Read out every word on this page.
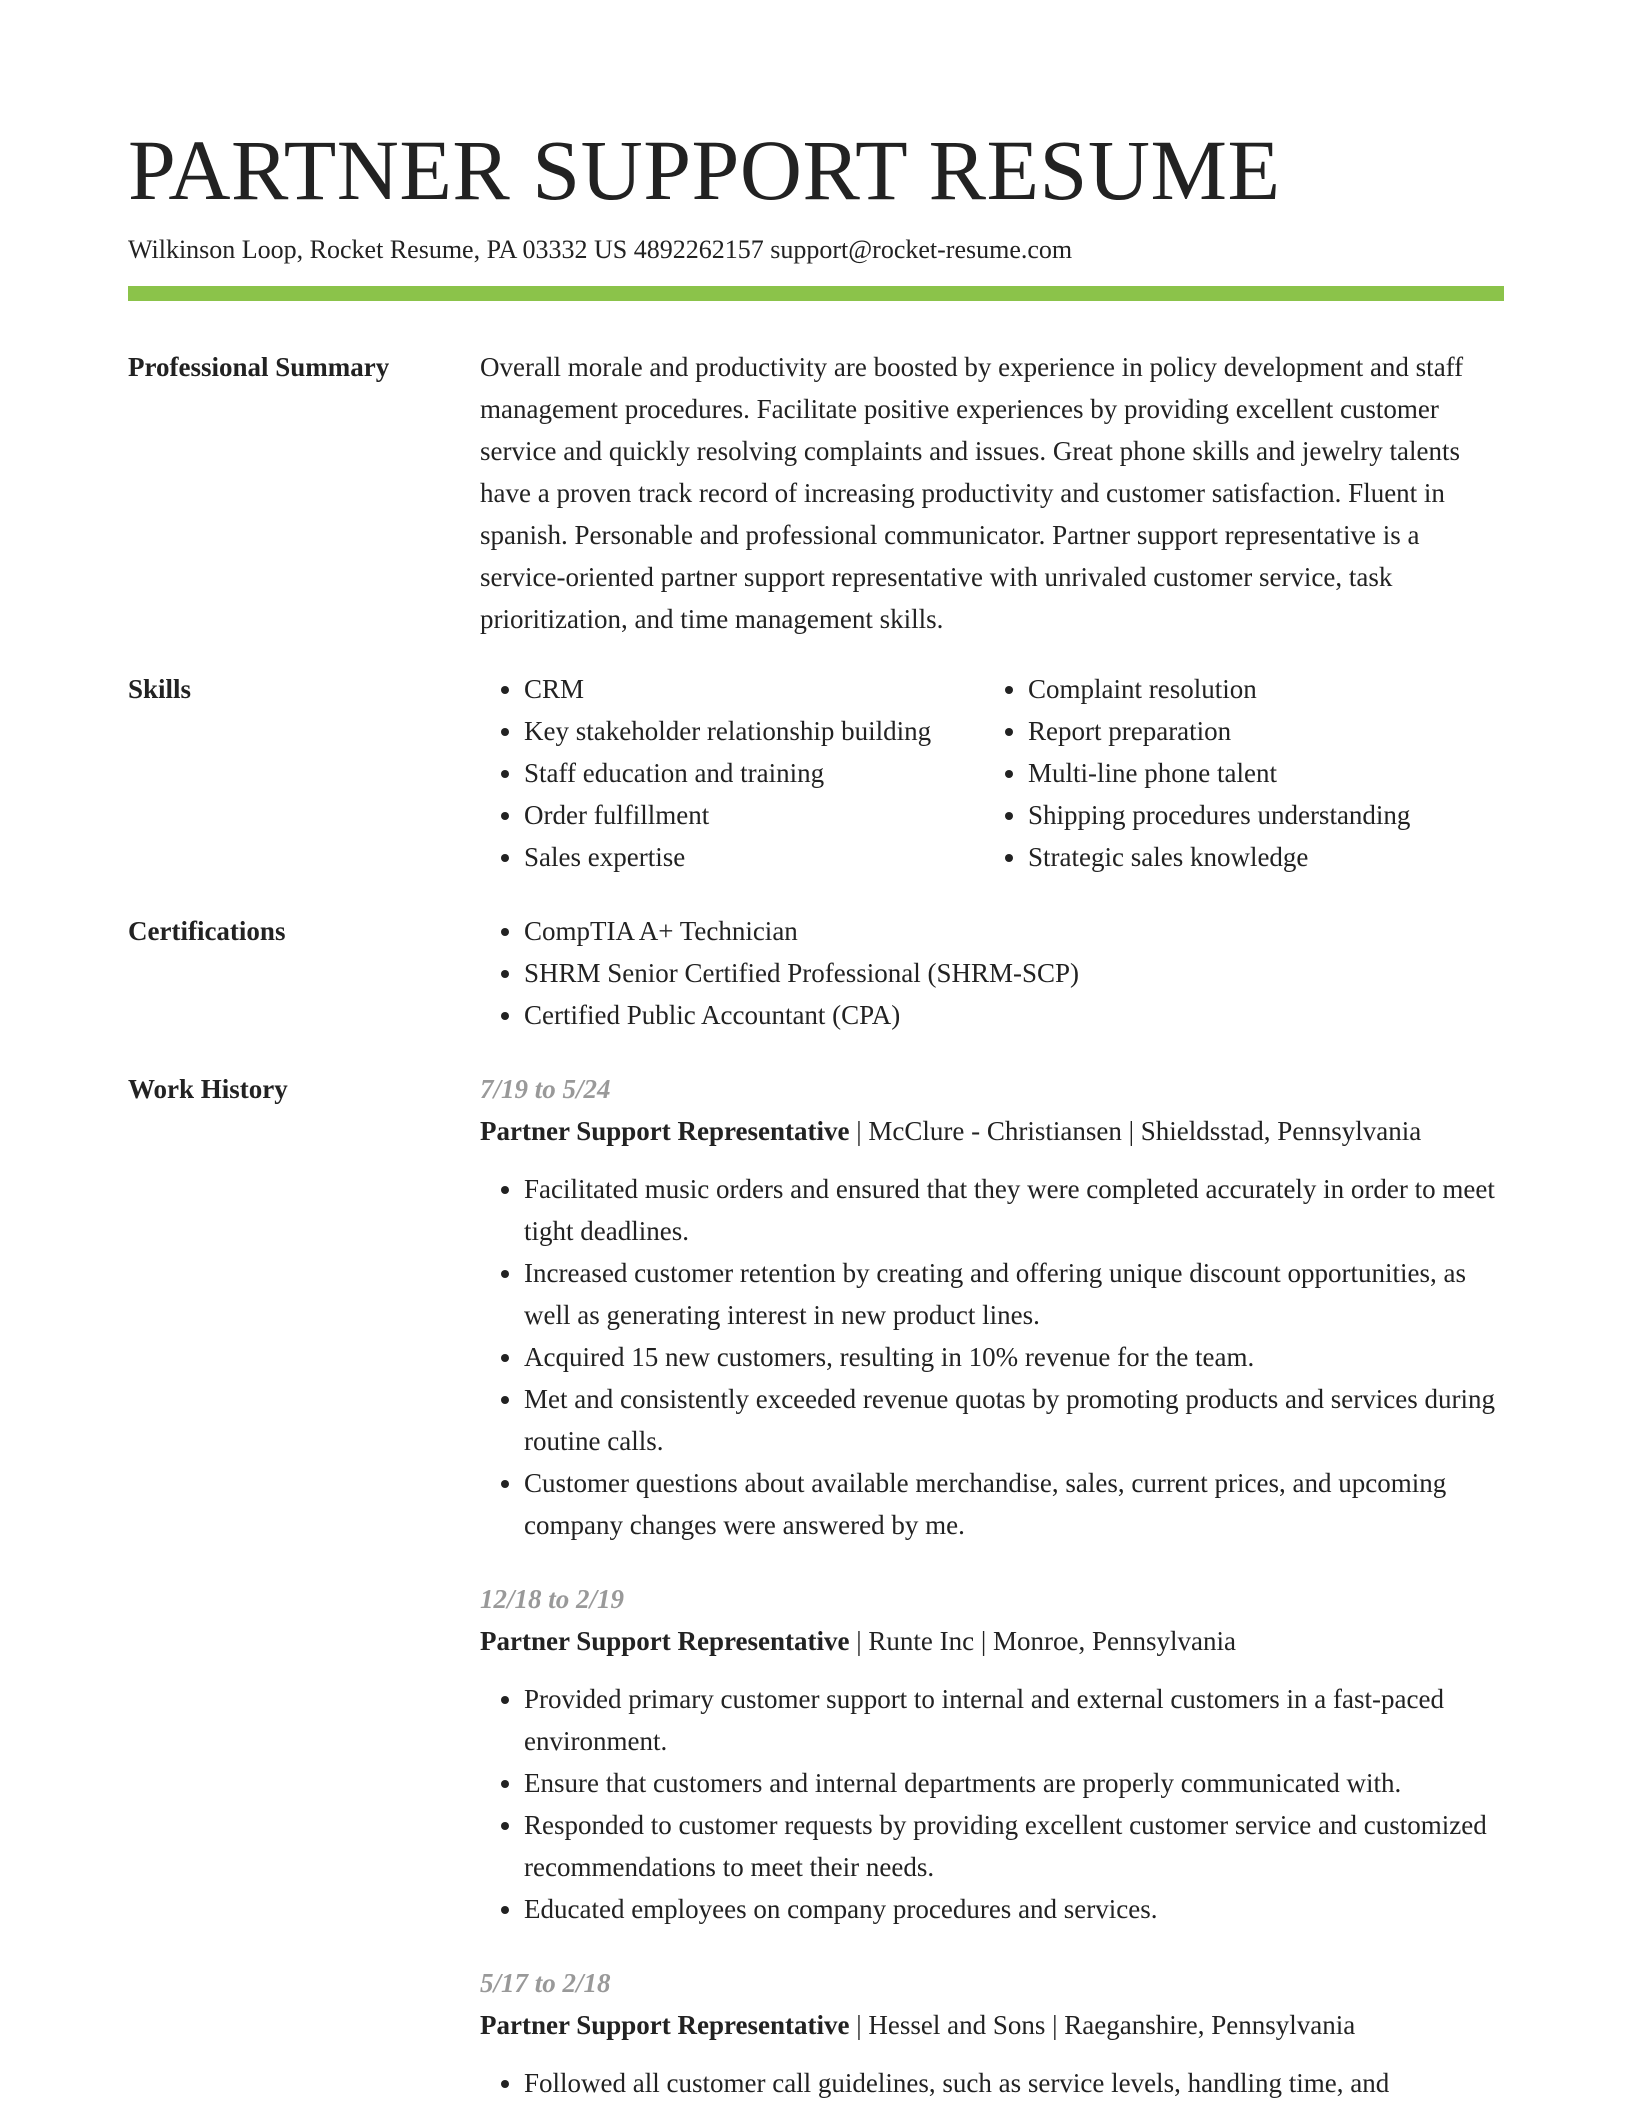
PARTNER SUPPORT RESUME
Wilkinson Loop, Rocket Resume, PA 03332 US 4892262157 support@rocket-resume.com
Professional Summary	Overall morale and productivity are boosted by experience in policy development and staff management procedures. Facilitate positive experiences by providing excellent customer service and quickly resolving complaints and issues. Great phone skills and jewelry talents have a proven track record of increasing productivity and customer satisfaction. Fluent in spanish. Personable and professional communicator. Partner support representative is a service-oriented partner support representative with unrivaled customer service, task prioritization, and time management skills.

Skills	• CRM
• Key stakeholder relationship building
• Staff education and training
• Order fulfillment
• Sales expertise
• Complaint resolution
• Report preparation
• Multi-line phone talent
• Shipping procedures understanding
• Strategic sales knowledge
Certifications	• CompTIA A+ Technician
• SHRM Senior Certified Professional (SHRM-SCP)
• Certified Public Accountant (CPA)
Work History	7/19 to 5/24
Partner Support Representative | McClure - Christiansen | Shieldsstad, Pennsylvania
• Facilitated music orders and ensured that they were completed accurately in order to meet tight deadlines.
• Increased customer retention by creating and offering unique discount opportunities, as well as generating interest in new product lines.
• Acquired 15 new customers, resulting in 10% revenue for the team.
• Met and consistently exceeded revenue quotas by promoting products and services during routine calls.
• Customer questions about available merchandise, sales, current prices, and upcoming company changes were answered by me.
12/18 to 2/19
Partner Support Representative | Runte Inc | Monroe, Pennsylvania
• Provided primary customer support to internal and external customers in a fast-paced environment.
• Ensure that customers and internal departments are properly communicated with.
• Responded to customer requests by providing excellent customer service and customized recommendations to meet their needs.
• Educated employees on company procedures and services.
5/17 to 2/18
Partner Support Representative | Hessel and Sons | Raeganshire, Pennsylvania
• Followed all customer call guidelines, such as service levels, handling time, and
